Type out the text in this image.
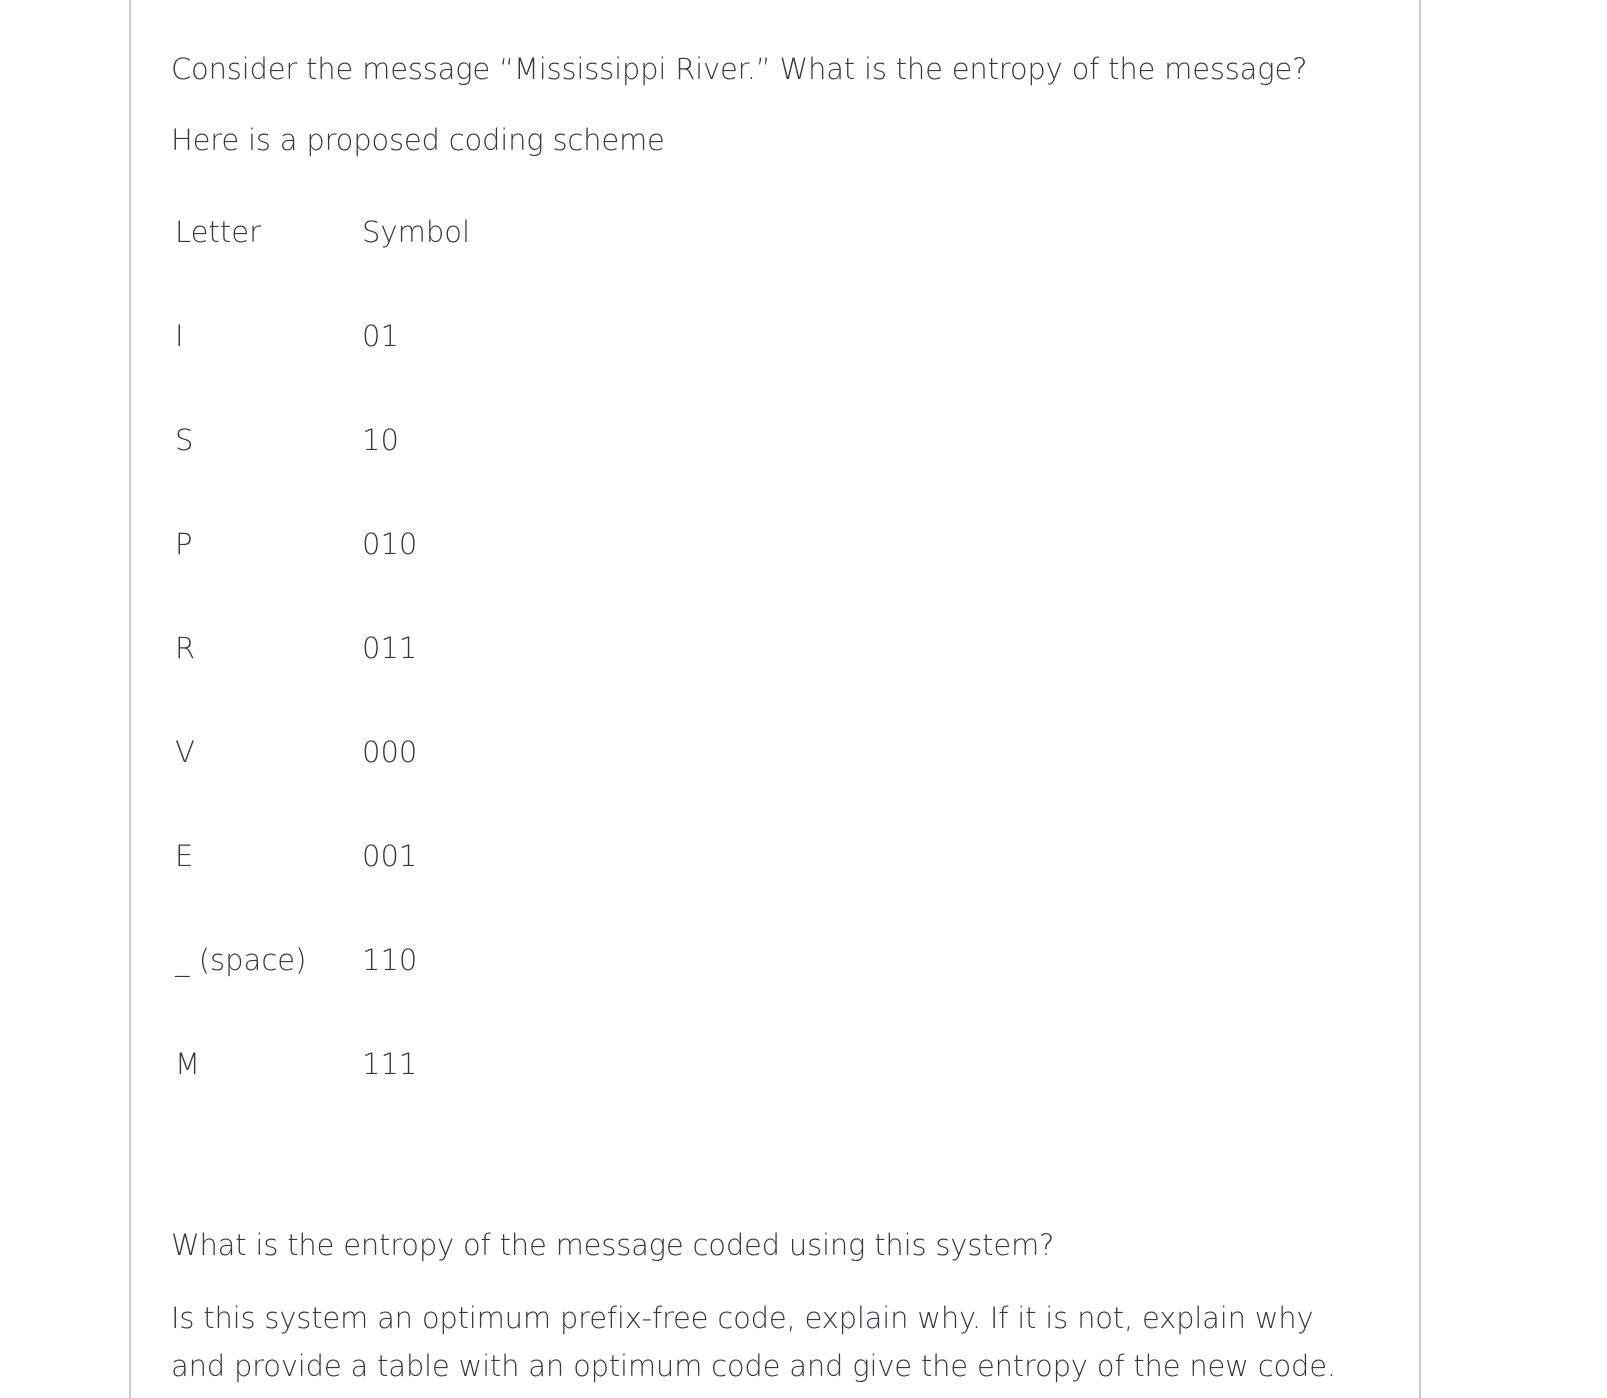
Consider the message “Mississippi River.” What is the entropy of the message?

Here is a proposed coding scheme

Letter	Symbol
I	01
S	10
P	010
R	011
V	000
E	001
_ (space)	110
M	111

What is the entropy of the message coded using this system?

Is this system an optimum prefix-free code, explain why. If it is not, explain why and provide a table with an optimum code and give the entropy of the new code.
